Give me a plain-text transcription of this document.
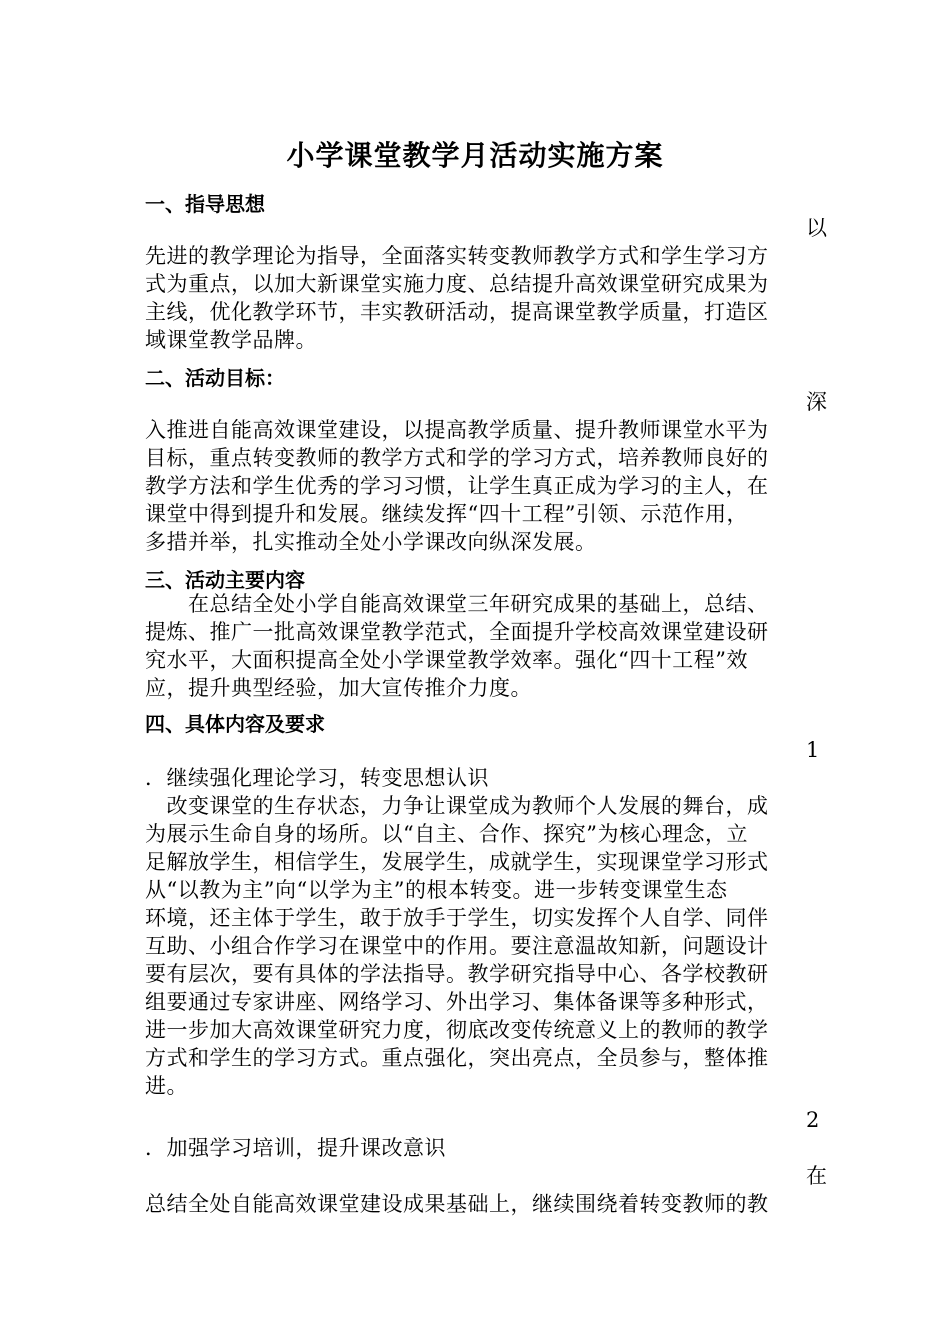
小学课堂教学月活动实施方案
一、指导思想
以
先进的教学理论为指导，全面落实转变教师教学方式和学生学习方
式为重点，以加大新课堂实施力度、总结提升高效课堂研究成果为
主线，优化教学环节，丰实教研活动，提高课堂教学质量，打造区
域课堂教学品牌。
二、活动目标：
深
入推进自能高效课堂建设，以提高教学质量、提升教师课堂水平为
目标，重点转变教师的教学方式和学的学习方式，培养教师良好的
教学方法和学生优秀的学习习惯，让学生真正成为学习的主人，在
课堂中得到提升和发展。继续发挥“四十工程”引领、示范作用，
多措并举，扎实推动全处小学课改向纵深发展。
三、活动主要内容
　　在总结全处小学自能高效课堂三年研究成果的基础上，总结、
提炼、推广一批高效课堂教学范式，全面提升学校高效课堂建设研
究水平，大面积提高全处小学课堂教学效率。强化“四十工程”效
应，提升典型经验，加大宣传推介力度。
四、具体内容及要求
1
．继续强化理论学习，转变思想认识
　改变课堂的生存状态，力争让课堂成为教师个人发展的舞台，成
为展示生命自身的场所。以“自主、合作、探究”为核心理念，立
足解放学生，相信学生，发展学生，成就学生，实现课堂学习形式
从“以教为主”向“以学为主”的根本转变。进一步转变课堂生态
环境，还主体于学生，敢于放手于学生，切实发挥个人自学、同伴
互助、小组合作学习在课堂中的作用。要注意温故知新，问题设计
要有层次，要有具体的学法指导。教学研究指导中心、各学校教研
组要通过专家讲座、网络学习、外出学习、集体备课等多种形式，
进一步加大高效课堂研究力度，彻底改变传统意义上的教师的教学
方式和学生的学习方式。重点强化，突出亮点，全员参与，整体推
进。
2
．加强学习培训，提升课改意识
在
总结全处自能高效课堂建设成果基础上，继续围绕着转变教师的教
